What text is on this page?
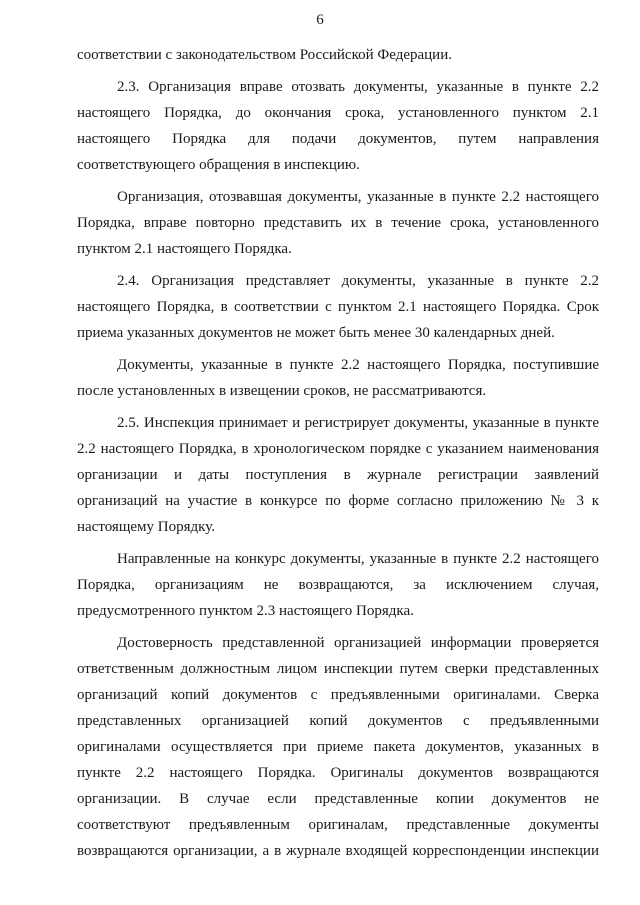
6
соответствии с законодательством Российской Федерации.
2.3. Организация вправе отозвать документы, указанные в пункте 2.2
настоящего Порядка, до окончания срока, установленного пунктом 2.1
настоящего Порядка для подачи документов, путем направления
соответствующего обращения в инспекцию.
Организация, отозвавшая документы, указанные в пункте 2.2 настоящего
Порядка, вправе повторно представить их в течение срока, установленного
пунктом 2.1 настоящего Порядка.
2.4. Организация представляет документы, указанные в пункте 2.2
настоящего Порядка, в соответствии с пунктом 2.1 настоящего Порядка. Срок
приема указанных документов не может быть менее 30 календарных дней.
Документы, указанные в пункте 2.2 настоящего Порядка, поступившие
после установленных в извещении сроков, не рассматриваются.
2.5. Инспекция принимает и регистрирует документы, указанные в пункте
2.2 настоящего Порядка, в хронологическом порядке с указанием наименования
организации и даты поступления в журнале регистрации заявлений
организаций на участие в конкурсе по форме согласно приложению № 3 к
настоящему Порядку.
Направленные на конкурс документы, указанные в пункте 2.2 настоящего
Порядка, организациям не возвращаются, за исключением случая,
предусмотренного пунктом 2.3 настоящего Порядка.
Достоверность представленной организацией информации проверяется
ответственным должностным лицом инспекции путем сверки представленных
организаций копий документов с предъявленными оригиналами. Сверка
представленных организацией копий документов с предъявленными
оригиналами осуществляется при приеме пакета документов, указанных в
пункте 2.2 настоящего Порядка. Оригиналы документов возвращаются
организации. В случае если представленные копии документов не
соответствуют предъявленным оригиналам, представленные документы
возвращаются организации, а в журнале входящей корреспонденции инспекции
